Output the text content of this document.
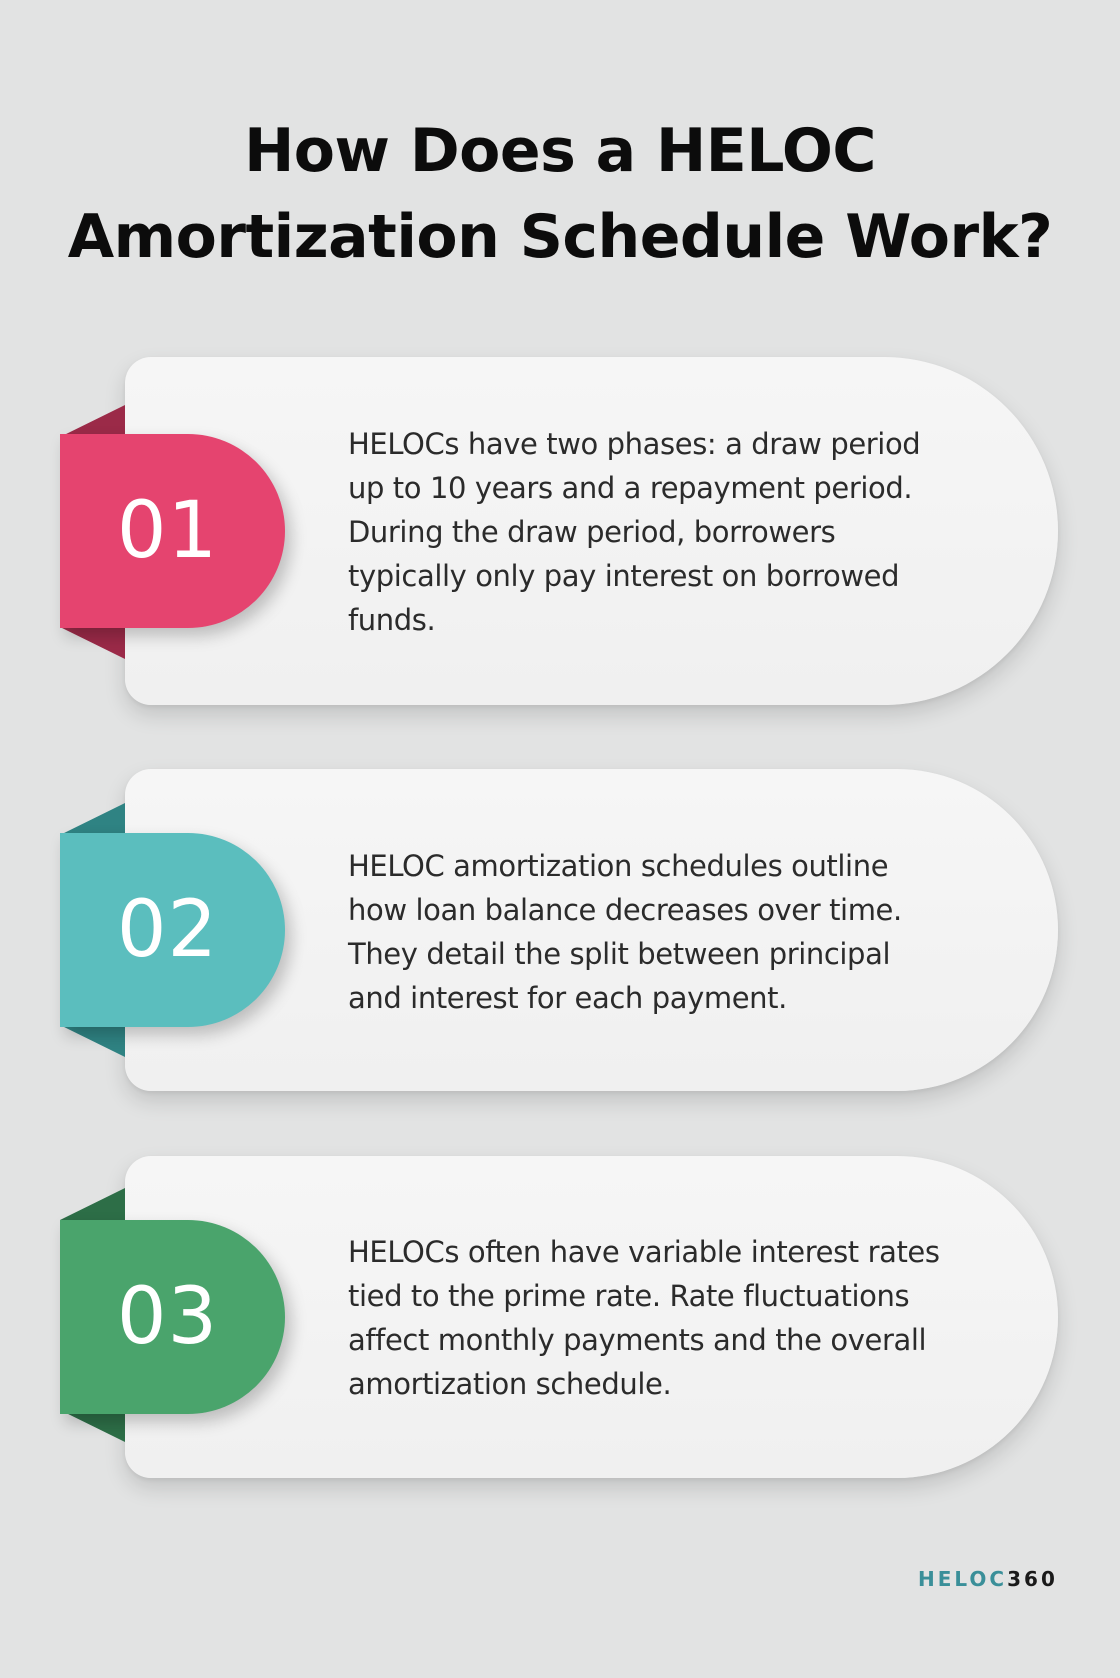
How Does a HELOC
Amortization Schedule Work?
01

HELOCs have two phases: a draw period up to 10 years and a repayment period. During the draw period, borrowers typically only pay interest on borrowed funds.

02

HELOC amortization schedules outline how loan balance decreases over time. They detail the split between principal and interest for each payment.

03

HELOCs often have variable interest rates tied to the prime rate. Rate fluctuations affect monthly payments and the overall amortization schedule.

HELOC360
